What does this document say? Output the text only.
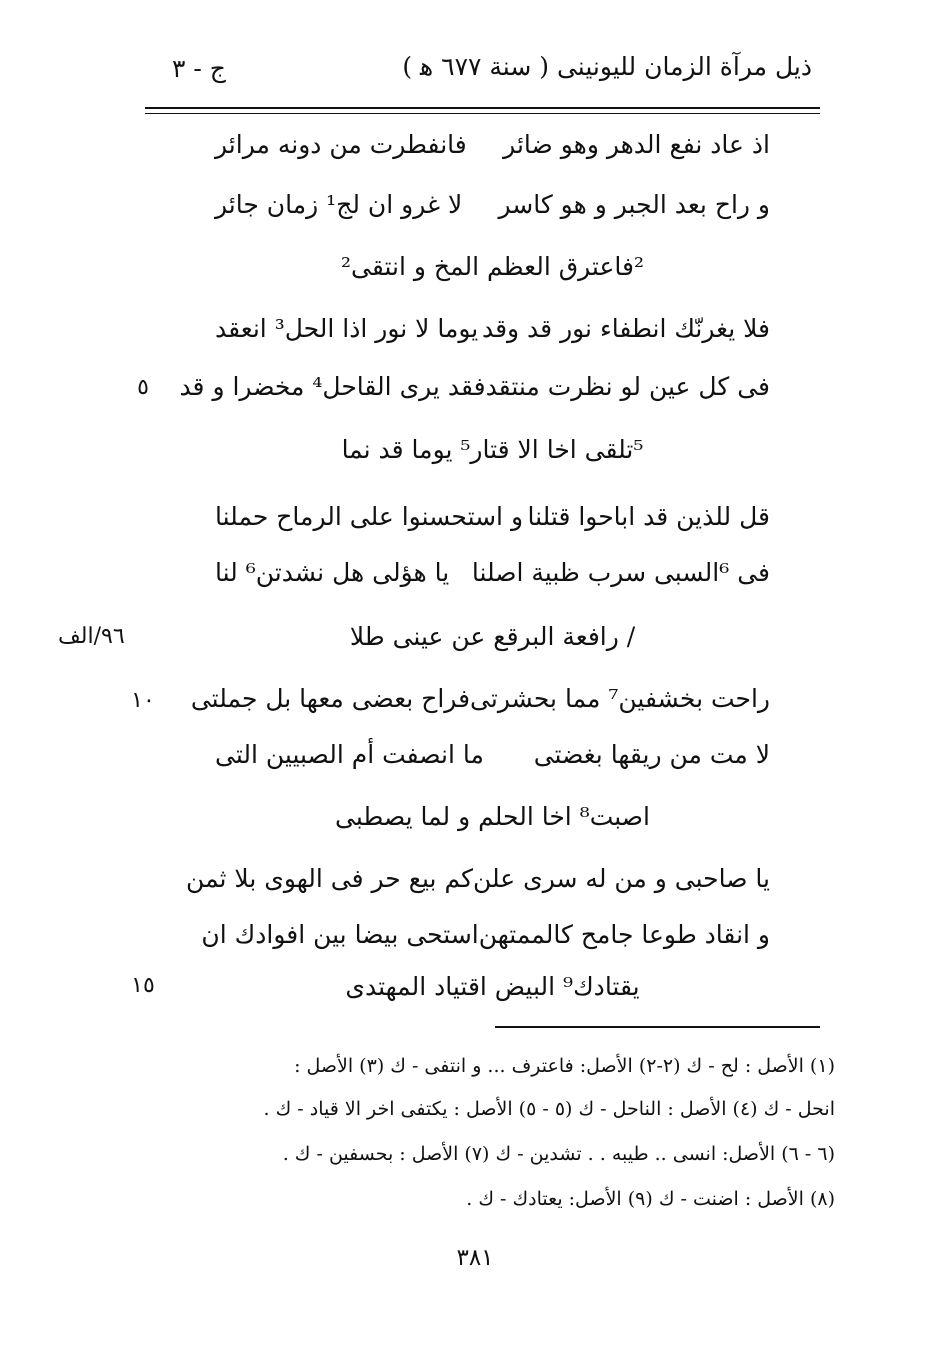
ذيل مرآة الزمان لليونينى ( سنة ٦٧٧ ﻫ )
ج - ٣
اذ عاد نفع الدهر وهو ضائر
فانفطرت من دونه مرائر
و راح بعد الجبر و هو كاسر
لا غرو ان لج¹ زمان جائر
²فاعترق العظم المخ و انتقى²
فلا يغرنّك انطفاء نور قد وقد
يوما لا نور اذا الحل³ انعقد
فى كل عين لو نظرت منتقد
فقد يرى القاحل⁴ مخضرا و قد
⁵تلقى اخا الا قتار⁵ يوما قد نما
قل للذين قد اباحوا قتلنا
و استحسنوا على الرماح حملنا
فى ⁶السبى سرب ظبية اصلنا
يا هؤلى هل نشدتن⁶ لنا
/ رافعة البرقع عن عينى طلا
راحت بخشفين⁷ مما بحشرتى
فراح بعضى معها بل جملتى
لا مت من ريقها بغضتى
ما انصفت أم الصبيين التى
اصبت⁸ اخا الحلم و لما يصطبى
يا صاحبى و من له سرى علن
كم بيع حر فى الهوى بلا ثمن
و انقاد طوعا جامح كالممتهن
استحى بيضا بين افوادك ان
يقتادك⁹ البيض اقتياد المهتدى
٥
١٠
١٥
٩٦/الف
(١) الأصل : لح - ك (٢-٢) الأصل: فاعترف ... و انتفى - ك (٣) الأصل :
انحل - ك (٤) الأصل : الناحل - ك (٥ - ٥) الأصل : يكتفى اخر الا قياد - ك .
(٦ - ٦) الأصل: انسى .. طيبه . . تشدين - ك (٧) الأصل : بحسفين - ك .
(٨) الأصل : اضنت - ك (٩) الأصل: يعتادك - ك .
٣٨١
